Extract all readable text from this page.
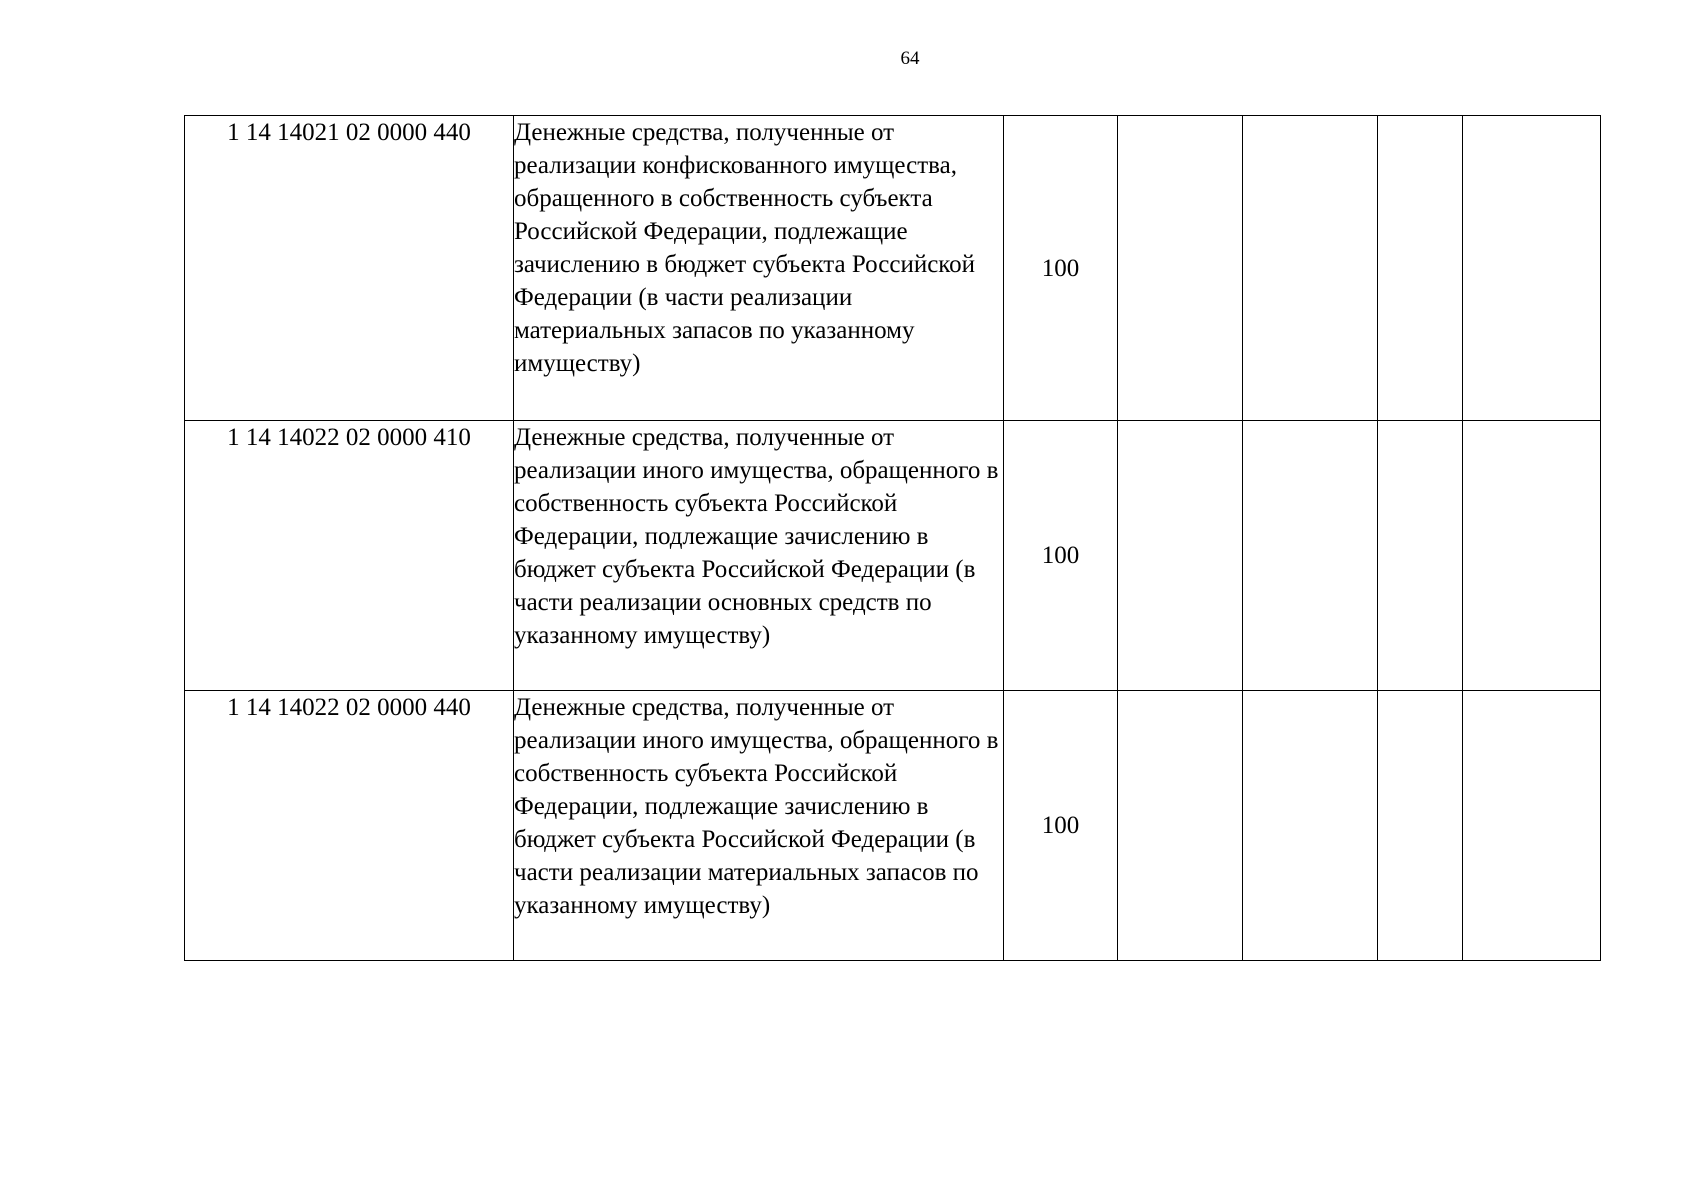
64
1 14 14021 02 0000 440	Денежные средства, полученные от реализации конфискованного имущества, обращенного в собственность субъекта Российской Федерации, подлежащие зачислению в бюджет субъекта Российской Федерации (в части реализации материальных запасов по указанному имуществу)	100				
1 14 14022 02 0000 410	Денежные средства, полученные от реализации иного имущества, обращенного в собственность субъекта Российской Федерации, подлежащие зачислению в бюджет субъекта Российской Федерации (в части реализации основных средств по указанному имуществу)	100				
1 14 14022 02 0000 440	Денежные средства, полученные от реализации иного имущества, обращенного в собственность субъекта Российской Федерации, подлежащие зачислению в бюджет субъекта Российской Федерации (в части реализации материальных запасов по указанному имуществу)	100				
